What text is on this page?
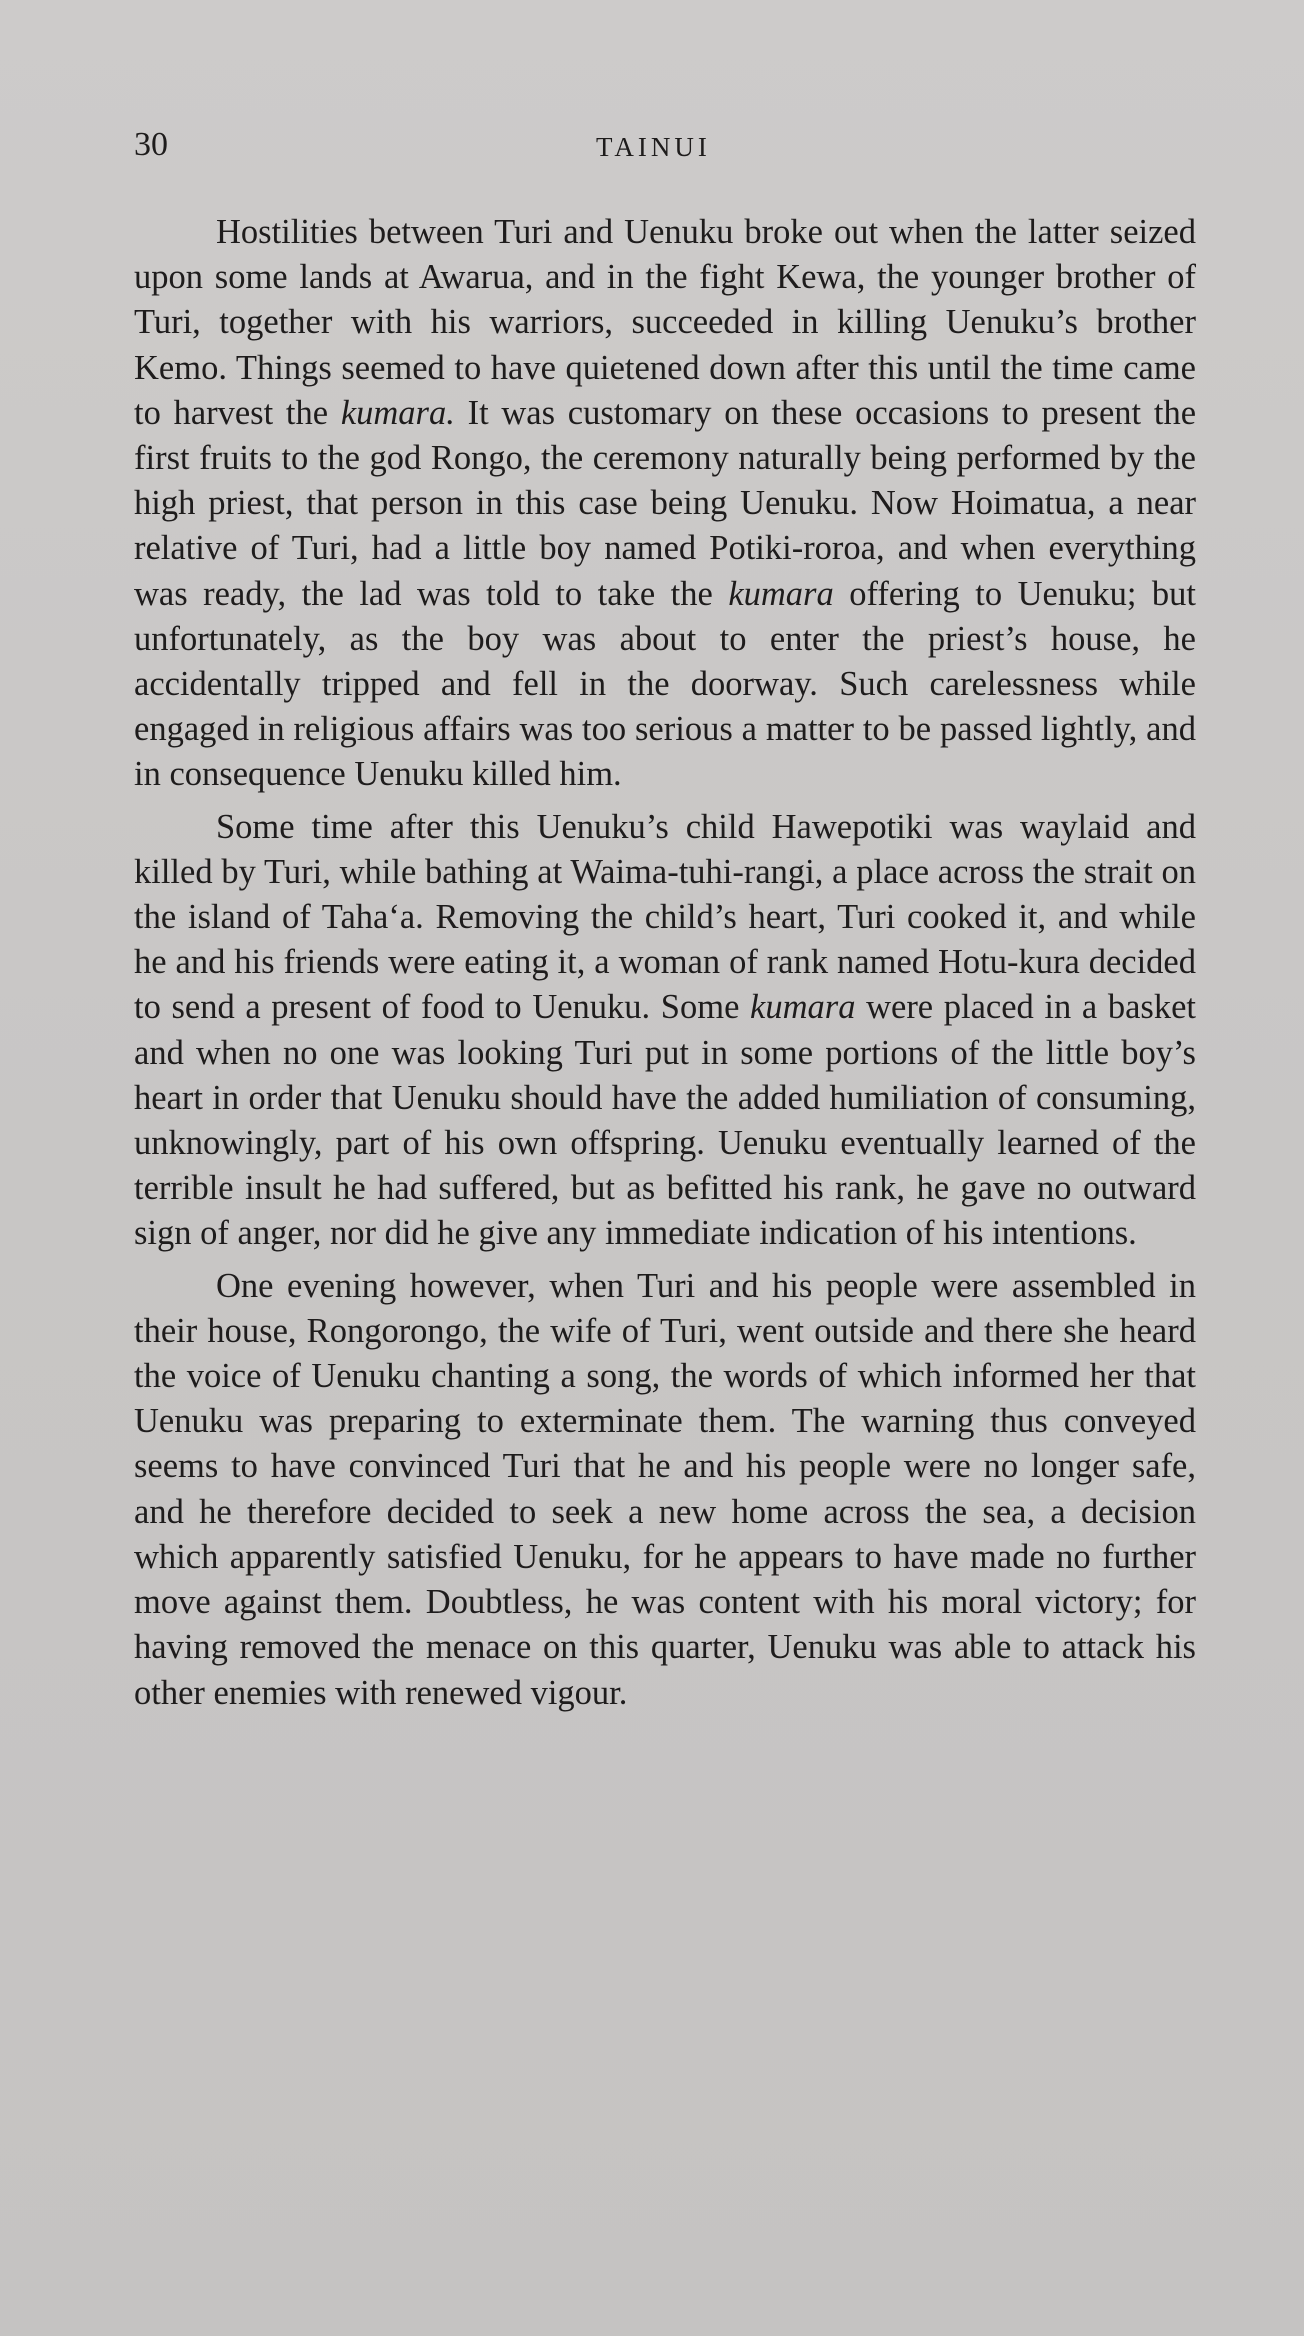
30	TAINUI

Hostilities between Turi and Uenuku broke out when the latter seized upon some lands at Awarua, and in the fight Kewa, the younger brother of Turi, together with his warriors, succeeded in killing Uenuku’s brother Kemo. Things seemed to have quietened down after this until the time came to harvest the kumara. It was customary on these occasions to present the first fruits to the god Rongo, the ceremony naturally being performed by the high priest, that person in this case being Uenuku. Now Hoimatua, a near relative of Turi, had a little boy named Potiki-roroa, and when everything was ready, the lad was told to take the kumara offering to Uenuku; but unfortunately, as the boy was about to enter the priest’s house, he accidentally tripped and fell in the doorway. Such carelessness while engaged in religious affairs was too serious a matter to be passed lightly, and in consequence Uenuku killed him.

Some time after this Uenuku’s child Hawepotiki was waylaid and killed by Turi, while bathing at Waima-tuhi-rangi, a place across the strait on the island of Taha‘a. Removing the child’s heart, Turi cooked it, and while he and his friends were eating it, a woman of rank named Hotu-kura decided to send a present of food to Uenuku. Some kumara were placed in a basket and when no one was looking Turi put in some portions of the little boy’s heart in order that Uenuku should have the added humiliation of consuming, unknowingly, part of his own offspring. Uenuku eventually learned of the terrible insult he had suffered, but as befitted his rank, he gave no outward sign of anger, nor did he give any immediate indication of his intentions.

One evening however, when Turi and his people were assembled in their house, Rongorongo, the wife of Turi, went outside and there she heard the voice of Uenuku chanting a song, the words of which informed her that Uenuku was preparing to exterminate them. The warning thus conveyed seems to have convinced Turi that he and his people were no longer safe, and he therefore decided to seek a new home across the sea, a decision which apparently satisfied Uenuku, for he appears to have made no further move against them. Doubtless, he was content with his moral victory; for having removed the menace on this quarter, Uenuku was able to attack his other enemies with renewed vigour.
